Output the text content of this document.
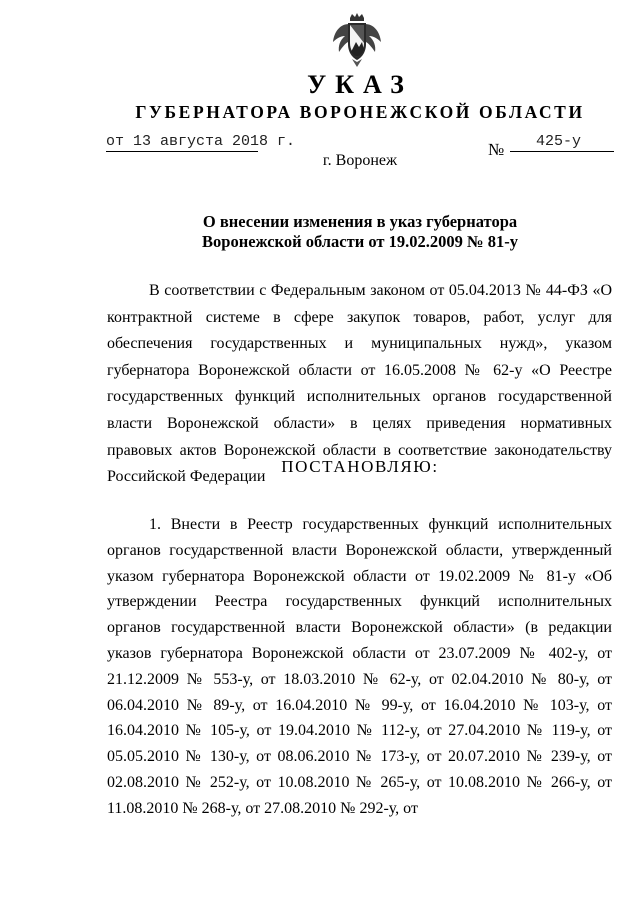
УКАЗ
ГУБЕРНАТОРА ВОРОНЕЖСКОЙ ОБЛАСТИ
от 13 августа 2018 г.	№	425-у
г. Воронеж
О внесении изменения в указ губернатора
Воронежской области от 19.02.2009 № 81-у

В соответствии с Федеральным законом от 05.04.2013 № 44-ФЗ «О контрактной системе в сфере закупок товаров, работ, услуг для обеспечения государственных и муниципальных нужд», указом губернатора Воронежской области от 16.05.2008 № 62-у «О Реестре государственных функций исполнительных органов государственной власти Воронежской области» в целях приведения нормативных правовых актов Воронежской области в соответствие законодательству Российской Федерации

ПОСТАНОВЛЯЮ:

1. Внести в Реестр государственных функций исполнительных органов государственной власти Воронежской области, утвержденный указом губернатора Воронежской области от 19.02.2009 № 81-у «Об утверждении Реестра государственных функций исполнительных органов государственной власти Воронежской области» (в редакции указов губернатора Воронежской области от 23.07.2009 № 402-у, от 21.12.2009 № 553-у, от 18.03.2010 № 62-у, от 02.04.2010 № 80-у, от 06.04.2010 № 89-у, от 16.04.2010 № 99-у, от 16.04.2010 № 103-у, от 16.04.2010 № 105-у, от 19.04.2010 № 112-у, от 27.04.2010 № 119-у, от 05.05.2010 № 130-у, от 08.06.2010 № 173-у, от 20.07.2010 № 239-у, от 02.08.2010 № 252-у, от 10.08.2010 № 265-у, от 10.08.2010 № 266-у, от 11.08.2010 № 268-у, от 27.08.2010 № 292-у, от
